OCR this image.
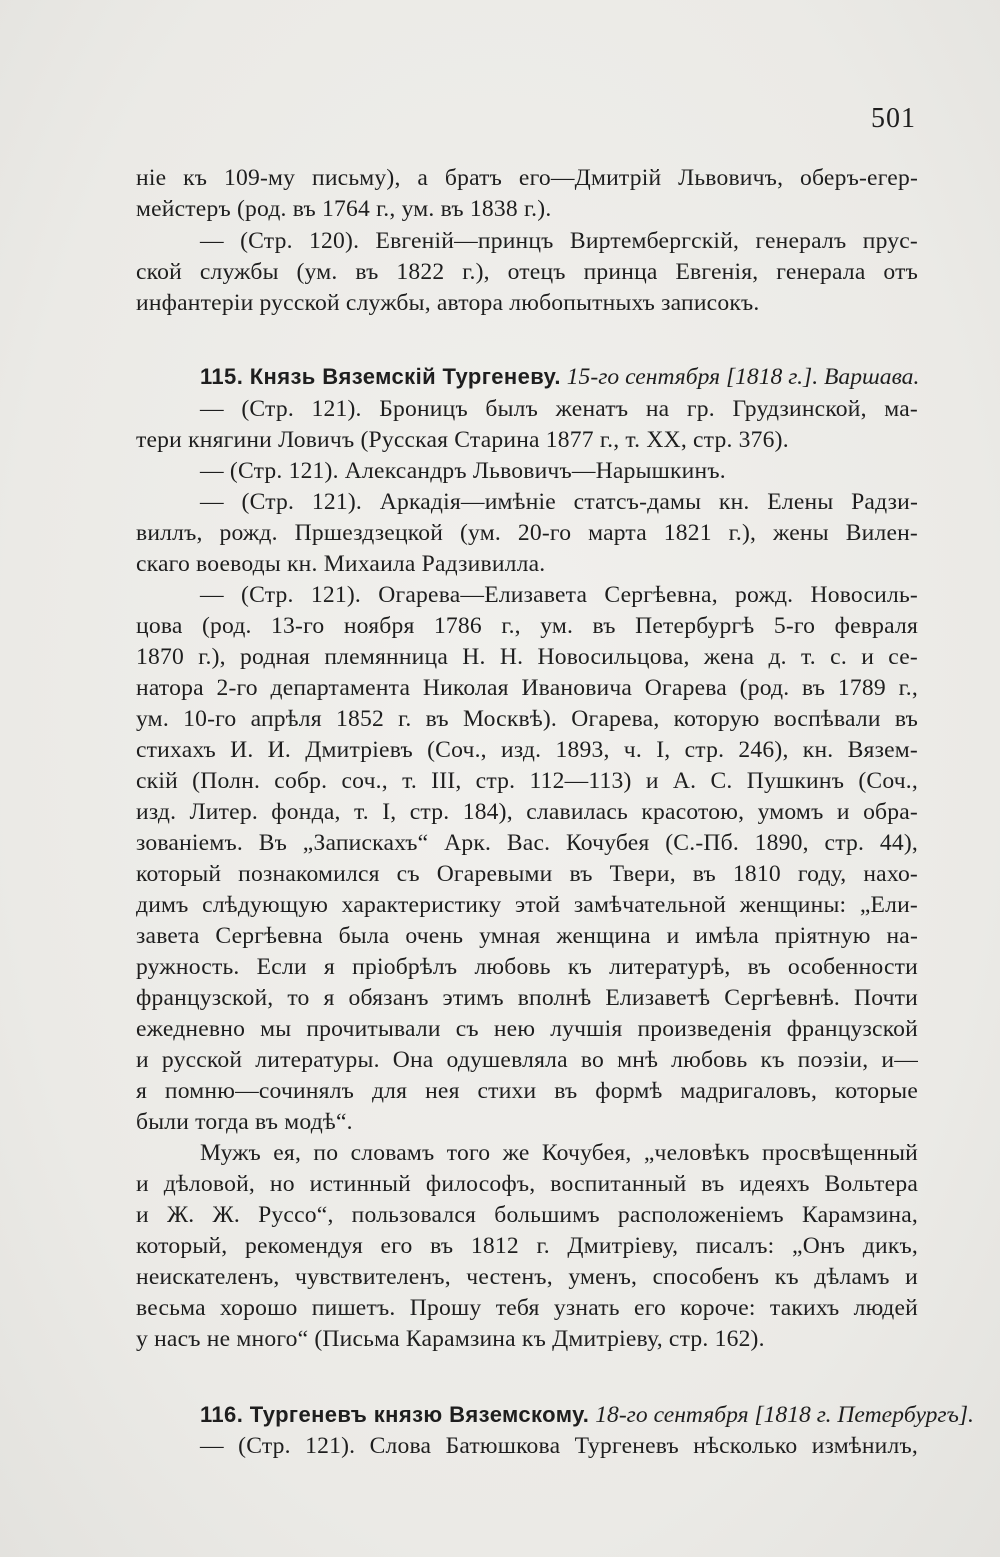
501
ніе къ 109-му письму), а братъ его—Дмитрій Львовичъ, оберъ-егер-
мейстеръ (род. въ 1764 г., ум. въ 1838 г.).
— (Стр. 120). Евгеній—принцъ Виртембергскій, генералъ прус-
ской службы (ум. въ 1822 г.), отецъ принца Евгенія, генерала отъ
инфантеріи русской службы, автора любопытныхъ записокъ.
115. Князь Вяземскій Тургеневу. 15-го сентября [1818 г.]. Варшава.
— (Стр. 121). Броницъ былъ женатъ на гр. Грудзинской, ма-
тери княгини Ловичъ (Русская Старина 1877 г., т. XX, стр. 376).
— (Стр. 121). Александръ Львовичъ—Нарышкинъ.
— (Стр. 121). Аркадія—имѣніе статсъ-дамы кн. Елены Радзи-
виллъ, рожд. Пршездзецкой (ум. 20-го марта 1821 г.), жены Вилен-
скаго воеводы кн. Михаила Радзивилла.
— (Стр. 121). Огарева—Елизавета Сергѣевна, рожд. Новосиль-
цова (род. 13-го ноября 1786 г., ум. въ Петербургѣ 5-го февраля
1870 г.), родная племянница Н. Н. Новосильцова, жена д. т. с. и се-
натора 2-го департамента Николая Ивановича Огарева (род. въ 1789 г.,
ум. 10-го апрѣля 1852 г. въ Москвѣ). Огарева, которую воспѣвали въ
стихахъ И. И. Дмитріевъ (Соч., изд. 1893, ч. I, стр. 246), кн. Вязем-
скій (Полн. собр. соч., т. III, стр. 112—113) и А. С. Пушкинъ (Соч.,
изд. Литер. фонда, т. I, стр. 184), славилась красотою, умомъ и обра-
зованіемъ. Въ „Запискахъ“ Арк. Вас. Кочубея (С.-Пб. 1890, стр. 44),
который познакомился съ Огаревыми въ Твери, въ 1810 году, нахо-
димъ слѣдующую характеристику этой замѣчательной женщины: „Ели-
завета Сергѣевна была очень умная женщина и имѣла пріятную на-
ружность. Если я пріобрѣлъ любовь къ литературѣ, въ особенности
французской, то я обязанъ этимъ вполнѣ Елизаветѣ Сергѣевнѣ. Почти
ежедневно мы прочитывали съ нею лучшія произведенія французской
и русской литературы. Она одушевляла во мнѣ любовь къ поэзіи, и—
я помню—сочинялъ для нея стихи въ формѣ мадригаловъ, которые
были тогда въ модѣ“.
Мужъ ея, по словамъ того же Кочубея, „человѣкъ просвѣщенный
и дѣловой, но истинный философъ, воспитанный въ идеяхъ Вольтера
и Ж. Ж. Руссо“, пользовался большимъ расположеніемъ Карамзина,
который, рекомендуя его въ 1812 г. Дмитріеву, писалъ: „Онъ дикъ,
неискателенъ, чувствителенъ, честенъ, уменъ, способенъ къ дѣламъ и
весьма хорошо пишетъ. Прошу тебя узнать его короче: такихъ людей
у насъ не много“ (Письма Карамзина къ Дмитріеву, стр. 162).
116. Тургеневъ князю Вяземскому. 18-го сентября [1818 г. Петербургъ].
— (Стр. 121). Слова Батюшкова Тургеневъ нѣсколько измѣнилъ,
